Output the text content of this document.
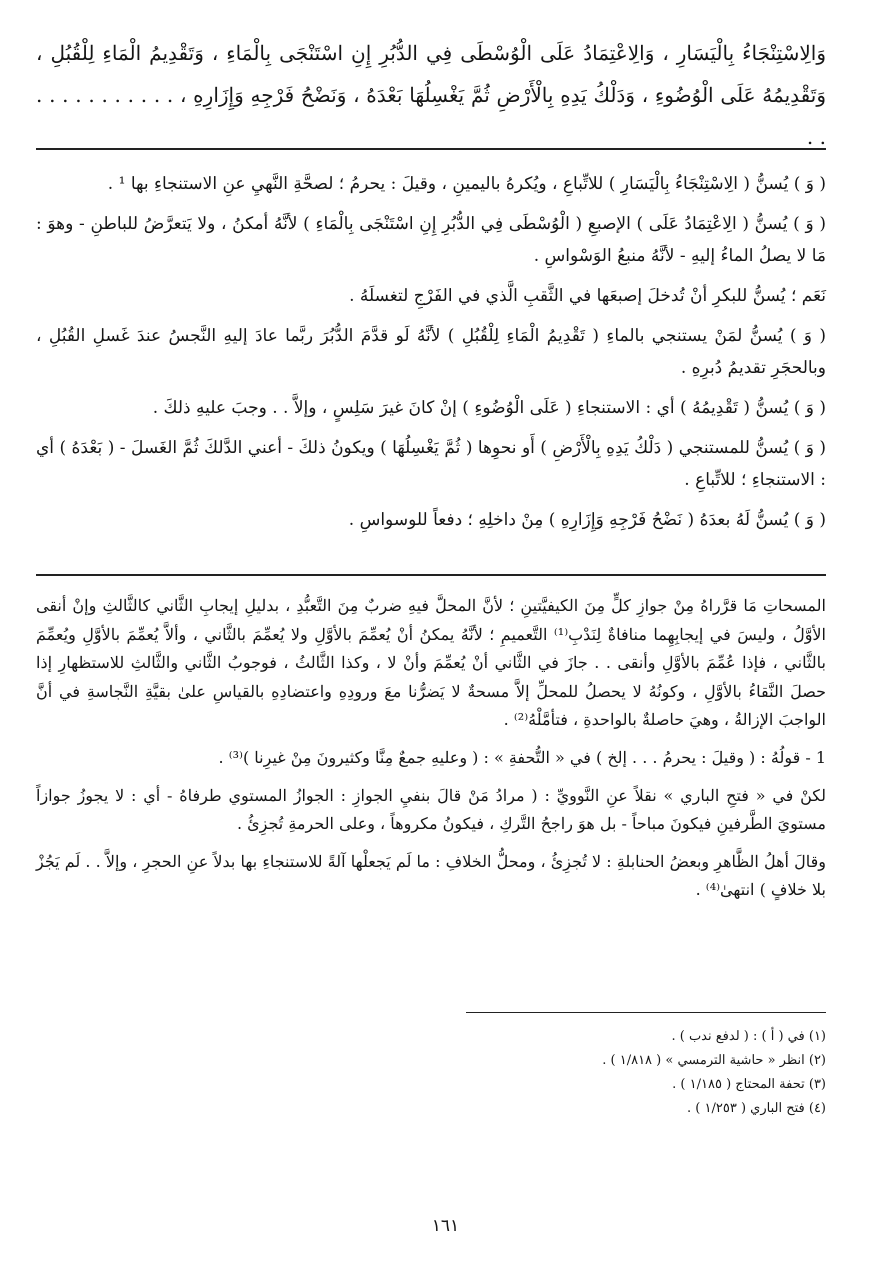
وَالِاسْتِنْجَاءُ بِالْيَسَارِ ، وَالِاعْتِمَادُ عَلَى الْوُسْطَى فِي الدُّبُرِ إِنِ اسْتَنْجَى بِالْمَاءِ ، وَتَقْدِيمُ الْمَاءِ لِلْقُبُلِ ، وَتَقْدِيمُهُ عَلَى الْوُضُوءِ ، وَدَلْكُ يَدِهِ بِالْأَرْضِ ثُمَّ يَغْسِلُهَا بَعْدَهُ ، وَنَضْحُ فَرْجِهِ وَإِزَارِهِ ، . . . . . . . . . . . . .

( وَ ) يُسنُّ ( الِاسْتِنْجَاءُ بِالْيَسَارِ ) للاتِّباعِ ، ويُكرهُ باليمينِ ، وقيلَ : يحرمُ ؛ لصحَّةِ النَّهيِ عنِ الاستنجاءِ بها ¹ .

( وَ ) يُسنُّ ( الِاعْتِمَادُ عَلَى ) الإصبعِ ( الْوُسْطَى فِي الدُّبُرِ إِنِ اسْتَنْجَى بِالْمَاءِ ) لأنَّهُ أمكنُ ، ولا يَتعرَّضُ للباطنِ - وهوَ : مَا لا يصلُ الماءُ إليهِ - لأنَّهُ منبعُ الوَسْواسِ .

نَعَم ؛ يُسنُّ للبكرِ أنْ تُدخلَ إصبعَها في الثَّقبِ الَّذي في الفَرْجِ لتغسلَهُ .

( وَ ) يُسنُّ لمَنْ يستنجي بالماءِ ( تَقْدِيمُ الْمَاءِ لِلْقُبُلِ ) لأنَّهُ لَو قدَّمَ الدُّبُرَ ربَّما عادَ إليهِ النَّجسُ عندَ غَسلِ القُبُلِ ، وبالحجَرِ تقديمُ دُبرِهِ .

( وَ ) يُسنُّ ( تَقْدِيمُهُ ) أي : الاستنجاءِ ( عَلَى الْوُضُوءِ ) إنْ كانَ غيرَ سَلِسٍ ، وإلاَّ . . وجبَ عليهِ ذلكَ .

( وَ ) يُسنُّ للمستنجي ( دَلْكُ يَدِهِ بِالْأَرْضِ ) أَو نحوِها ( ثُمَّ يَغْسِلُهَا ) ويكونُ ذلكَ - أعني الدَّلكَ ثُمَّ الغَسلَ - ( بَعْدَهُ ) أي : الاستنجاءِ ؛ للاتِّباعِ .

( وَ ) يُسنُّ لَهُ بعدَهُ ( نَضْحُ فَرْجِهِ وَإِزَارِهِ ) مِنْ داخلِهِ ؛ دفعاً للوسواسِ .

المسحاتِ مَا قرَّراهُ مِنْ جوازِ كلٍّ مِنَ الكيفيَّتينِ ؛ لأنَّ المحلَّ فيهِ ضربٌ مِنَ التَّعبُّدِ ، بدليلِ إيجابِ الثَّاني كالثَّالثِ وإنْ أنقى الأوَّلُ ، وليسَ في إيجابِهِما منافاةٌ لِنَدْبِ⁽¹⁾ التَّعميمِ ؛ لأنَّهُ يمكنُ أنْ يُعمِّمَ بالأوَّلِ ولا يُعمِّمَ بالثَّاني ، وألاَّ يُعمِّمَ بالأوَّلِ ويُعمِّمَ بالثَّاني ، فإذا عُمِّمَ بالأوَّلِ وأنقى . . جازَ في الثَّاني أنْ يُعمِّمَ وأنْ لا ، وكذا الثَّالثُ ، فوجوبُ الثَّاني والثَّالثِ للاستظهارِ إذا حصلَ النَّقاءُ بالأوَّلِ ، وكونُهُ لا يحصلُ للمحلِّ إلاَّ مسحةٌ لا يَضرُّنا معَ ورودِهِ واعتضادِهِ بالقياسِ علىٰ بقيَّةِ النَّجاسةِ في أنَّ الواجبَ الإزالةُ ، وهيَ حاصلةٌ بالواحدةِ ، فتأمَّلْهُ⁽²⁾ .

1 - قولُهُ : ( وقيلَ : يحرمُ . . . إلخ ) في « التُّحفةِ » : ( وعليهِ جمعٌ مِنَّا وكثيرونَ مِنْ غيرِنا )⁽³⁾ .

لكنْ في « فتحِ الباري » نقلاً عنِ النَّوويِّ : ( مرادُ مَنْ قالَ بنفيِ الجوازِ : الجوازُ المستوي طرفاهُ - أي : لا يجوزُ جوازاً مستويَ الطَّرفينِ فيكونَ مباحاً - بل هوَ راجحُ التَّركِ ، فيكونُ مكروهاً ، وعلى الحرمةِ تُجزِئُ .

وقالَ أهلُ الظَّاهرِ وبعضُ الحنابلةِ : لا تُجزِئُ ، ومحلُّ الخلافِ : ما لَم يَجعلْها آلةً للاستنجاءِ بها بدلاً عنِ الحجرِ ، وإلاَّ . . لَم يَجُزْ بلا خلافٍ ) انتهىٰ⁽⁴⁾ .

(١) في ( أ ) : ( لدفع ندب ) .
(٢) انظر « حاشية الترمسي » ( ١/٨١٨ ) .
(٣) تحفة المحتاج ( ١/١٨٥ ) .
(٤) فتح الباري ( ١/٢٥٣ ) .
١٦١
